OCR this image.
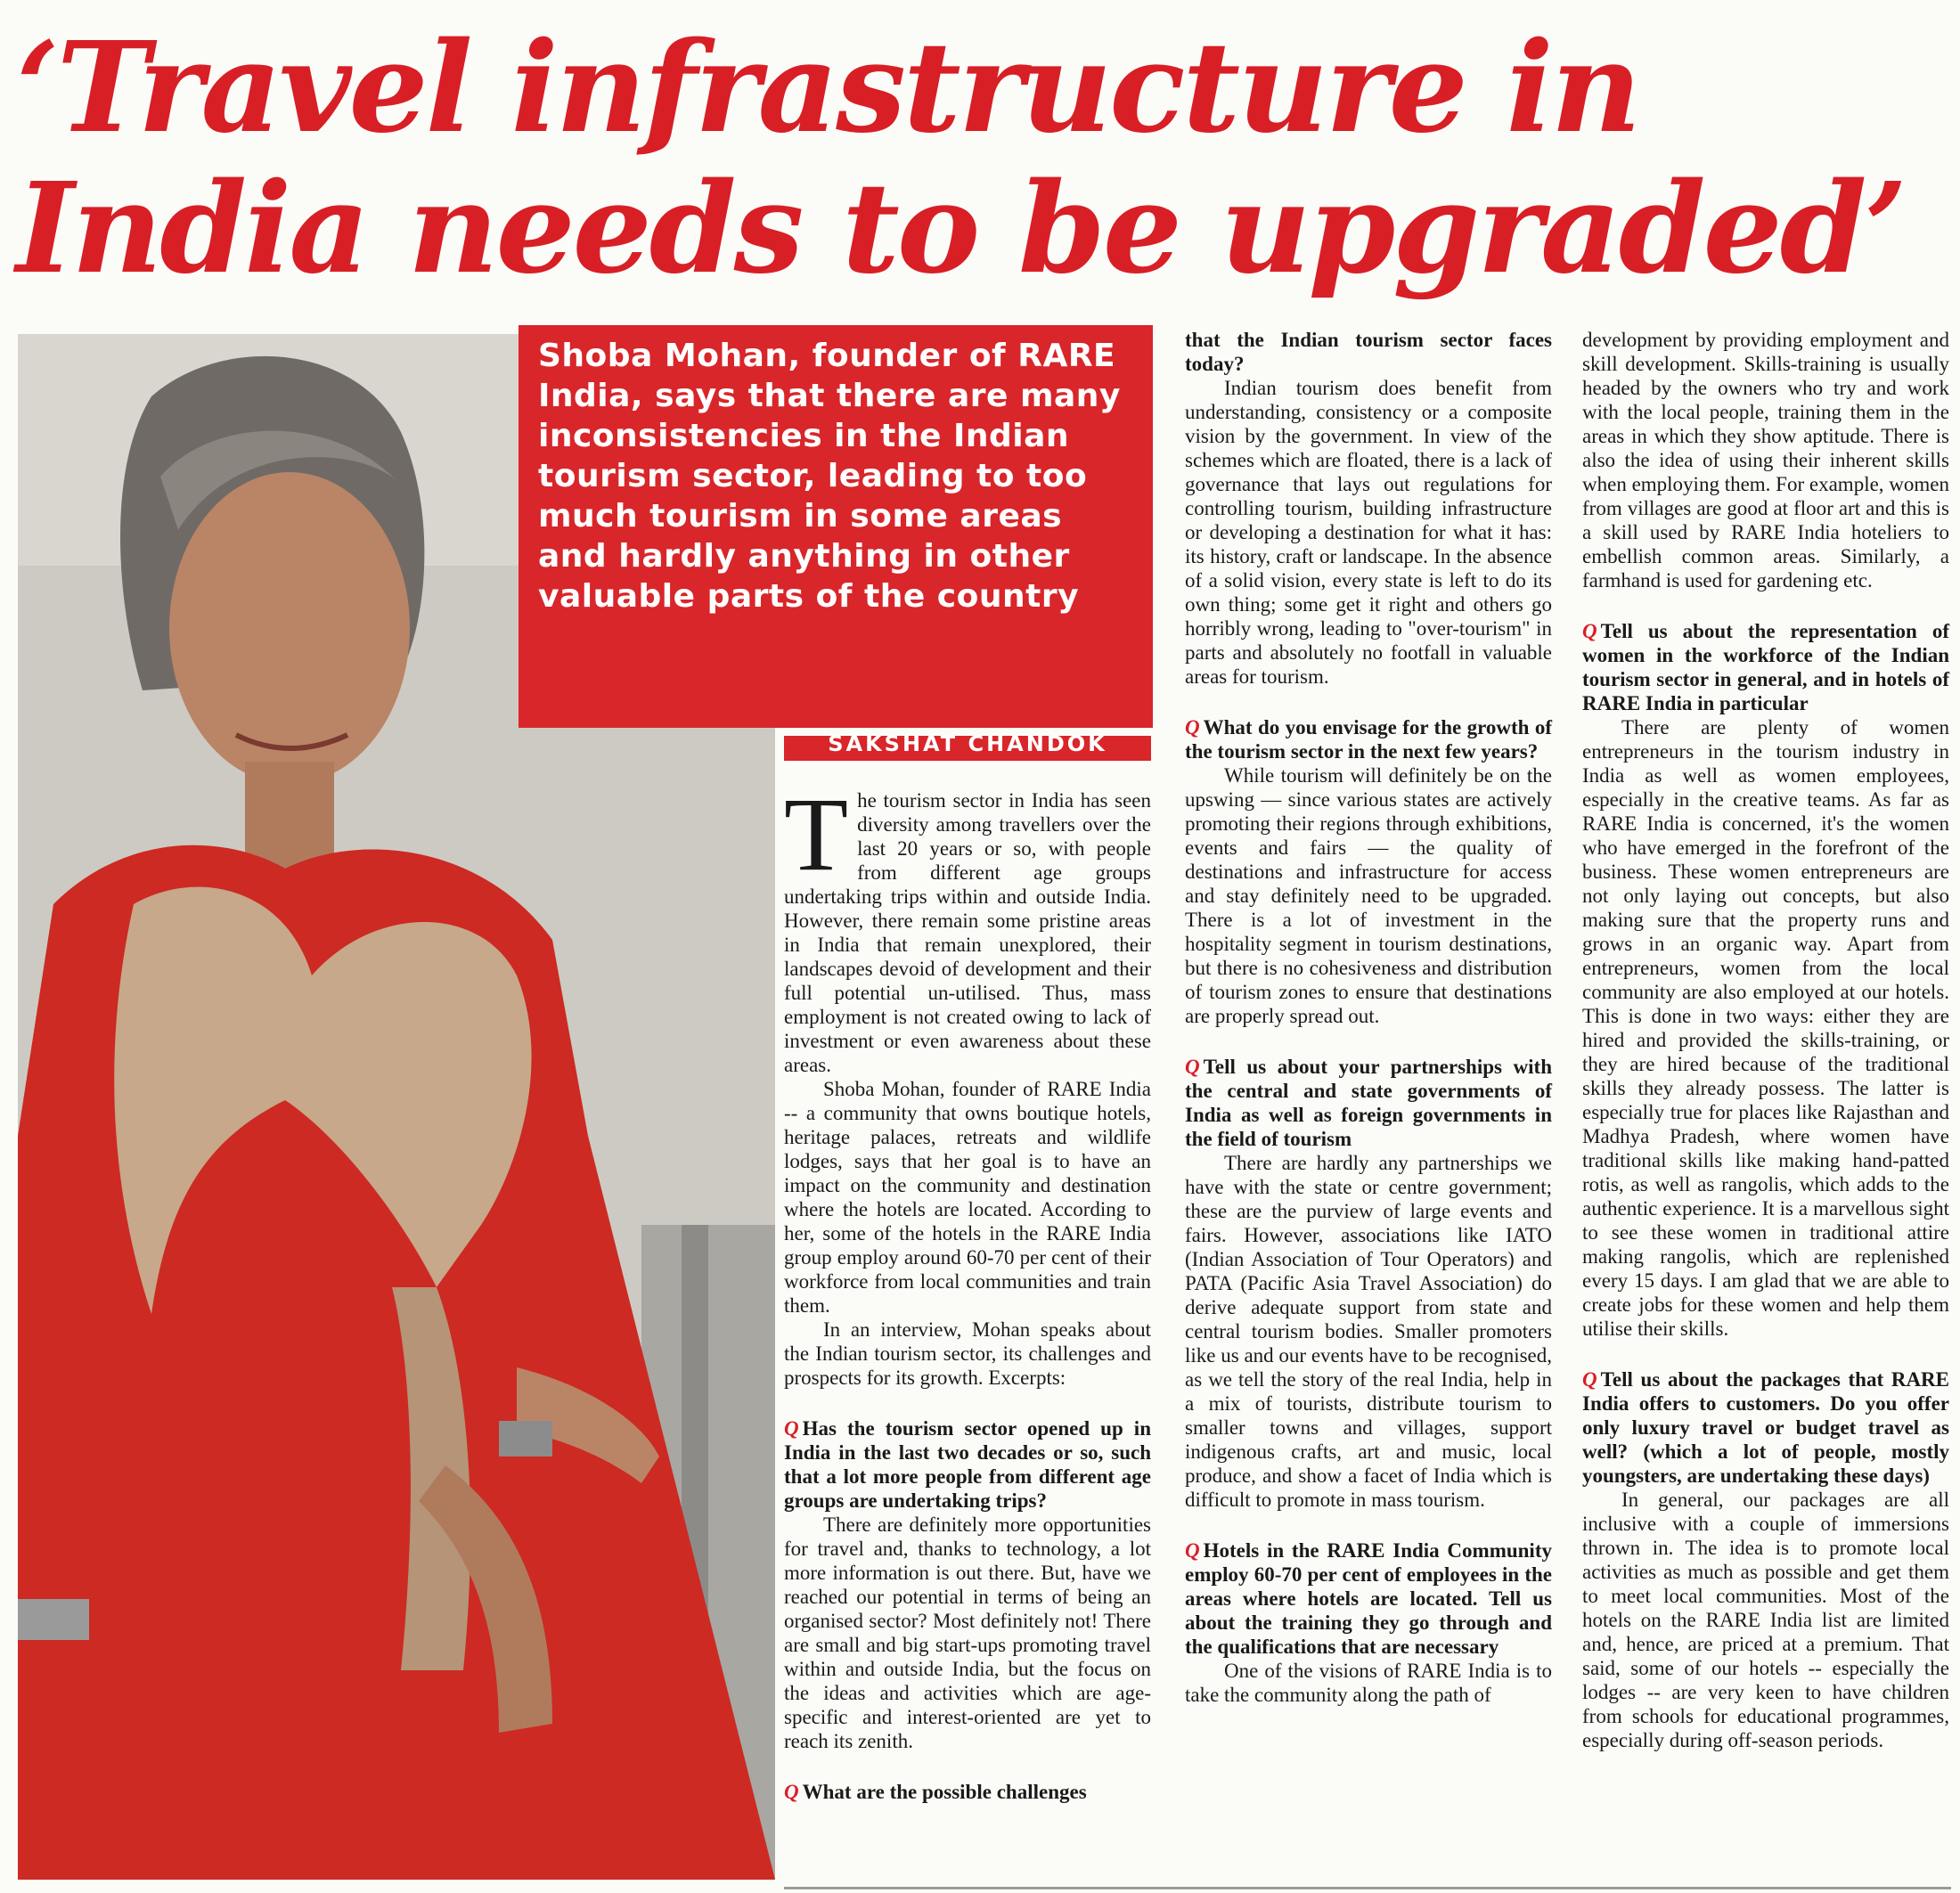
‘Travel infrastructure in
India needs to be upgraded’
Shoba Mohan, founder of RARE India, says that there are many inconsistencies in the Indian tourism sector, leading to too much tourism in some areas and hardly anything in other valuable parts of the country
SAKSHAT CHANDOK

The tourism sector in India has seen diversity among travellers over the last 20 years or so, with people from different age groups undertaking trips within and outside India. However, there remain some pristine areas in India that remain unexplored, their landscapes devoid of development and their full potential un-utilised. Thus, mass employment is not created owing to lack of investment or even awareness about these areas.

Shoba Mohan, founder of RARE India -- a community that owns boutique hotels, heritage palaces, retreats and wildlife lodges, says that her goal is to have an impact on the community and destination where the hotels are located. According to her, some of the hotels in the RARE India group employ around 60-70 per cent of their workforce from local communities and train them.

In an interview, Mohan speaks about the Indian tourism sector, its challenges and prospects for its growth. Excerpts:

Q Has the tourism sector opened up in India in the last two decades or so, such that a lot more people from different age groups are undertaking trips?

There are definitely more opportunities for travel and, thanks to technology, a lot more information is out there. But, have we reached our potential in terms of being an organised sector? Most definitely not! There are small and big start-ups promoting travel within and outside India, but the focus on the ideas and activities which are age-specific and interest-oriented are yet to reach its zenith.

Q What are the possible challenges

that the Indian tourism sector faces today?

Indian tourism does benefit from understanding, consistency or a composite vision by the government. In view of the schemes which are floated, there is a lack of governance that lays out regulations for controlling tourism, building infrastructure or developing a destination for what it has: its history, craft or landscape. In the absence of a solid vision, every state is left to do its own thing; some get it right and others go horribly wrong, leading to "over-tourism" in parts and absolutely no footfall in valuable areas for tourism.

Q What do you envisage for the growth of the tourism sector in the next few years?

While tourism will definitely be on the upswing — since various states are actively promoting their regions through exhibitions, events and fairs — the quality of destinations and infrastructure for access and stay definitely need to be upgraded. There is a lot of investment in the hospitality segment in tourism destinations, but there is no cohesiveness and distribution of tourism zones to ensure that destinations are properly spread out.

Q Tell us about your partnerships with the central and state governments of India as well as foreign governments in the field of tourism

There are hardly any partnerships we have with the state or centre government; these are the purview of large events and fairs. However, associations like IATO (Indian Association of Tour Operators) and PATA (Pacific Asia Travel Association) do derive adequate support from state and central tourism bodies. Smaller promoters like us and our events have to be recognised, as we tell the story of the real India, help in a mix of tourists, distribute tourism to smaller towns and villages, support indigenous crafts, art and music, local produce, and show a facet of India which is difficult to promote in mass tourism.

Q Hotels in the RARE India Community employ 60-70 per cent of employees in the areas where hotels are located. Tell us about the training they go through and the qualifications that are necessary

One of the visions of RARE India is to take the community along the path of

development by providing employment and skill development. Skills-training is usually headed by the owners who try and work with the local people, training them in the areas in which they show aptitude. There is also the idea of using their inherent skills when employing them. For example, women from villages are good at floor art and this is a skill used by RARE India hoteliers to embellish common areas. Similarly, a farmhand is used for gardening etc.

Q Tell us about the representation of women in the workforce of the Indian tourism sector in general, and in hotels of RARE India in particular

There are plenty of women entrepreneurs in the tourism industry in India as well as women employees, especially in the creative teams. As far as RARE India is concerned, it's the women who have emerged in the forefront of the business. These women entrepreneurs are not only laying out concepts, but also making sure that the property runs and grows in an organic way. Apart from entrepreneurs, women from the local community are also employed at our hotels. This is done in two ways: either they are hired and provided the skills-training, or they are hired because of the traditional skills they already possess. The latter is especially true for places like Rajasthan and Madhya Pradesh, where women have traditional skills like making hand-patted rotis, as well as rangolis, which adds to the authentic experience. It is a marvellous sight to see these women in traditional attire making rangolis, which are replenished every 15 days. I am glad that we are able to create jobs for these women and help them utilise their skills.

Q Tell us about the packages that RARE India offers to customers. Do you offer only luxury travel or budget travel as well? (which a lot of people, mostly youngsters, are undertaking these days)

In general, our packages are all inclusive with a couple of immersions thrown in. The idea is to promote local activities as much as possible and get them to meet local communities. Most of the hotels on the RARE India list are limited and, hence, are priced at a premium. That said, some of our hotels -- especially the lodges -- are very keen to have children from schools for educational programmes, especially during off-season periods.
